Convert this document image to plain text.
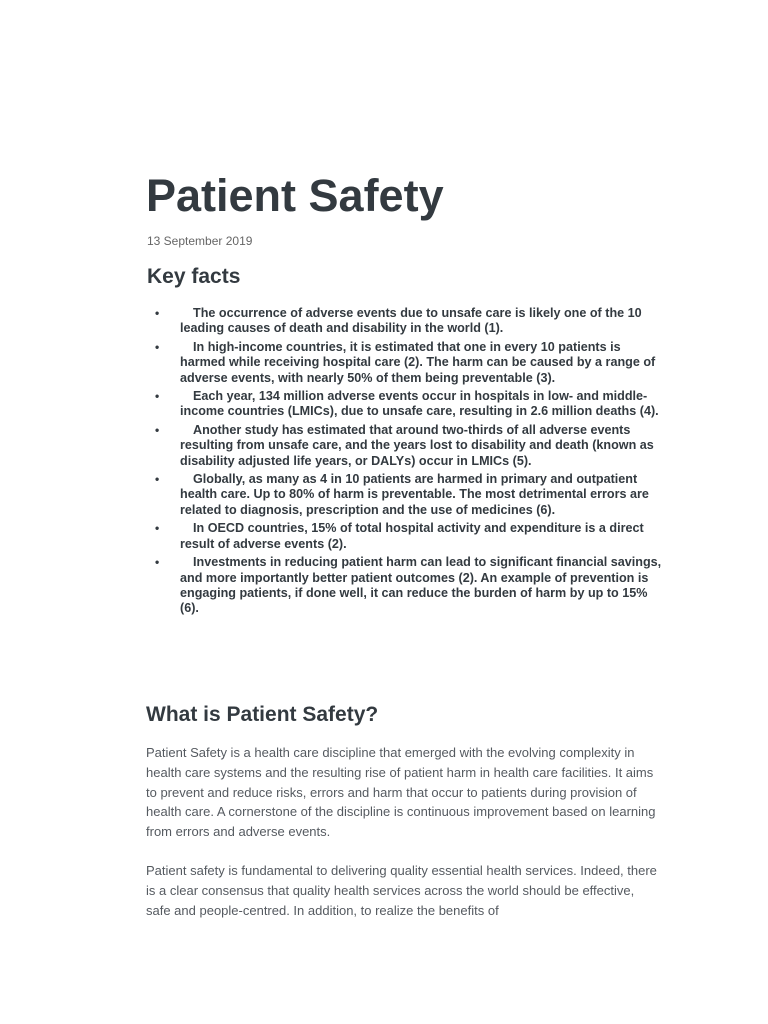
Patient Safety
13 September 2019
Key facts
•	The occurrence of adverse events due to unsafe care is likely one of the 10 leading causes of death and disability in the world (1).
•	In high-income countries, it is estimated that one in every 10 patients is harmed while receiving hospital care (2). The harm can be caused by a range of adverse events, with nearly 50% of them being preventable (3).
•	Each year, 134 million adverse events occur in hospitals in low- and middle-income countries (LMICs), due to unsafe care, resulting in 2.6 million deaths (4).
•	Another study has estimated that around two-thirds of all adverse events resulting from unsafe care, and the years lost to disability and death (known as disability adjusted life years, or DALYs) occur in LMICs (5).
•	Globally, as many as 4 in 10 patients are harmed in primary and outpatient health care. Up to 80% of harm is preventable. The most detrimental errors are related to diagnosis, prescription and the use of medicines (6).
•	In OECD countries, 15% of total hospital activity and expenditure is a direct result of adverse events (2).
•	Investments in reducing patient harm can lead to significant financial savings, and more importantly better patient outcomes (2). An example of prevention is engaging patients, if done well, it can reduce the burden of harm by up to 15% (6).
What is Patient Safety?

Patient Safety is a health care discipline that emerged with the evolving complexity in health care systems and the resulting rise of patient harm in health care facilities. It aims to prevent and reduce risks, errors and harm that occur to patients during provision of health care. A cornerstone of the discipline is continuous improvement based on learning from errors and adverse events.

Patient safety is fundamental to delivering quality essential health services. Indeed, there is a clear consensus that quality health services across the world should be effective, safe and people-centred. In addition, to realize the benefits of
